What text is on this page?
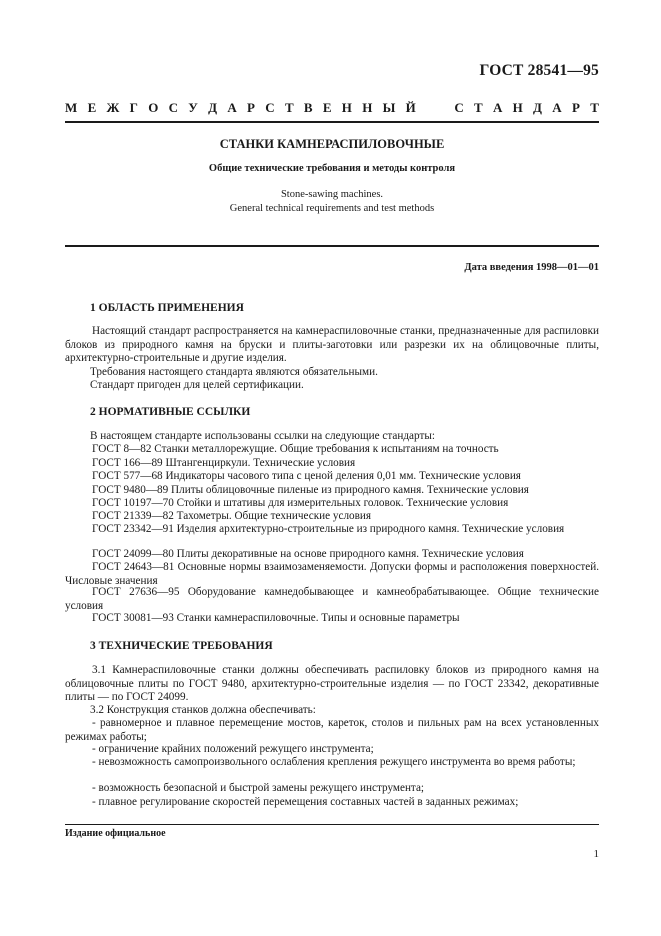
ГОСТ 28541—95
М Е Ж Г О С У Д А Р С Т В Е Н Н Ы Й	С Т А Н Д А Р Т
СТАНКИ КАМНЕРАСПИЛОВОЧНЫЕ
Общие технические требования и методы контроля
Stone-sawing machines.
General technical requirements and test methods
Дата введения 1998—01—01
1 ОБЛАСТЬ ПРИМЕНЕНИЯ
Настоящий стандарт распространяется на камнераспиловочные станки, предназначенные для распиловки блоков из природного камня на бруски и плиты-заготовки или разрезки их на облицовочные плиты, архитектурно-строительные и другие изделия.
Требования настоящего стандарта являются обязательными.
Стандарт пригоден для целей сертификации.
2 НОРМАТИВНЫЕ ССЫЛКИ
В настоящем стандарте использованы ссылки на следующие стандарты:
ГОСТ 8—82 Станки металлорежущие. Общие требования к испытаниям на точность
ГОСТ 166—89 Штангенциркули. Технические условия
ГОСТ 577—68 Индикаторы часового типа с ценой деления 0,01 мм. Технические условия
ГОСТ 9480—89 Плиты облицовочные пиленые из природного камня. Технические условия
ГОСТ 10197—70 Стойки и штативы для измерительных головок. Технические условия
ГОСТ 21339—82 Тахометры. Общие технические условия
ГОСТ 23342—91 Изделия архитектурно-строительные из природного камня. Технические условия
ГОСТ 24099—80 Плиты декоративные на основе природного камня. Технические условия
ГОСТ 24643—81 Основные нормы взаимозаменяемости. Допуски формы и расположения поверхностей. Числовые значения
ГОСТ 27636—95 Оборудование камнедобывающее и камнеобрабатывающее. Общие технические условия
ГОСТ 30081—93 Станки камнераспиловочные. Типы и основные параметры
3 ТЕХНИЧЕСКИЕ ТРЕБОВАНИЯ
3.1 Камнераспиловочные станки должны обеспечивать распиловку блоков из природного камня на облицовочные плиты по ГОСТ 9480, архитектурно-строительные изделия — по ГОСТ 23342, декоративные плиты — по ГОСТ 24099.
3.2 Конструкция станков должна обеспечивать:
- равномерное и плавное перемещение мостов, кареток, столов и пильных рам на всех установленных режимах работы;
- ограничение крайних положений режущего инструмента;
- невозможность самопроизвольного ослабления крепления режущего инструмента во время работы;
- возможность безопасной и быстрой замены режущего инструмента;
- плавное регулирование скоростей перемещения составных частей в заданных режимах;
Издание официальное
1
